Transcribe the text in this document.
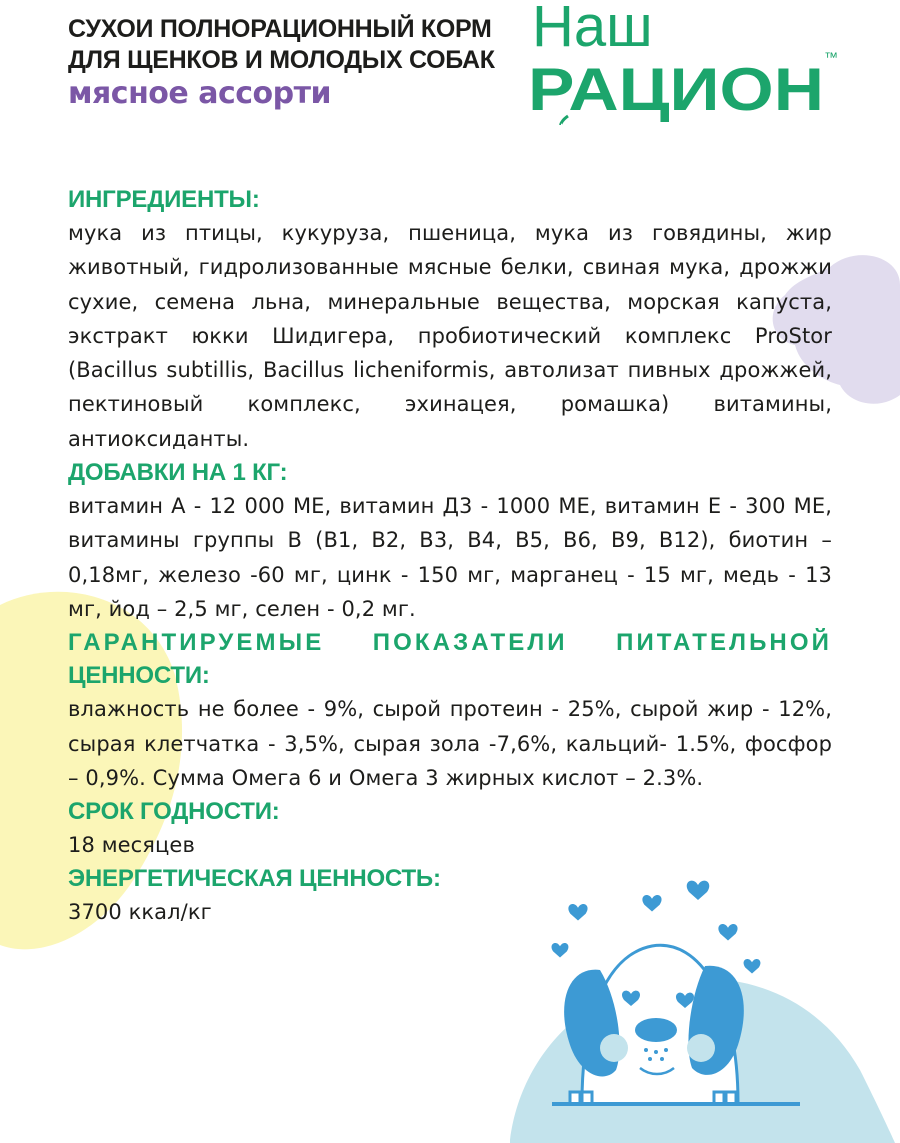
СУХОИ ПОЛНОРАЦИОННЫЙ КОРМ
ДЛЯ ЩЕНКОВ И МОЛОДЫХ СОБАК
мясное ассорти
Наш
РАЦИОН ™
ИНГРЕДИЕНТЫ:
мука из птицы, кукуруза, пшеница, мука из говядины, жир животный, гидролизованные мясные белки, свиная мука, дрожжи сухие, семена льна, минеральные вещества, морская капуста, экстракт юкки Шидигера, пробиотический комплекс ProStor (Bacillus subtillis, Bacillus licheniformis, автолизат пивных дрожжей, пектиновый комплекс, эхинацея, ромашка) витамины, антиоксиданты.
ДОБАВКИ НА 1 КГ:
витамин А - 12 000 МЕ, витамин Д3 - 1000 МЕ, витамин Е - 300 МЕ, витамины группы В (В1, В2, В3, В4, В5, В6, В9, В12), биотин – 0,18мг, железо -60 мг, цинк - 150 мг, марганец - 15 мг, медь - 13 мг, йод – 2,5 мг, селен - 0,2 мг.
ГАРАНТИРУЕМЫЕ ПОКАЗАТЕЛИ ПИТАТЕЛЬНОЙ
ЦЕННОСТИ:
влажность не более - 9%, сырой протеин - 25%, сырой жир - 12%, сырая клетчатка - 3,5%, сырая зола -7,6%, кальций- 1.5%, фосфор – 0,9%. Сумма Омега 6 и Омега 3 жирных кислот – 2.3%.
СРОК ГОДНОСТИ:
18 месяцев
ЭНЕРГЕТИЧЕСКАЯ ЦЕННОСТЬ:
3700 ккал/кг
